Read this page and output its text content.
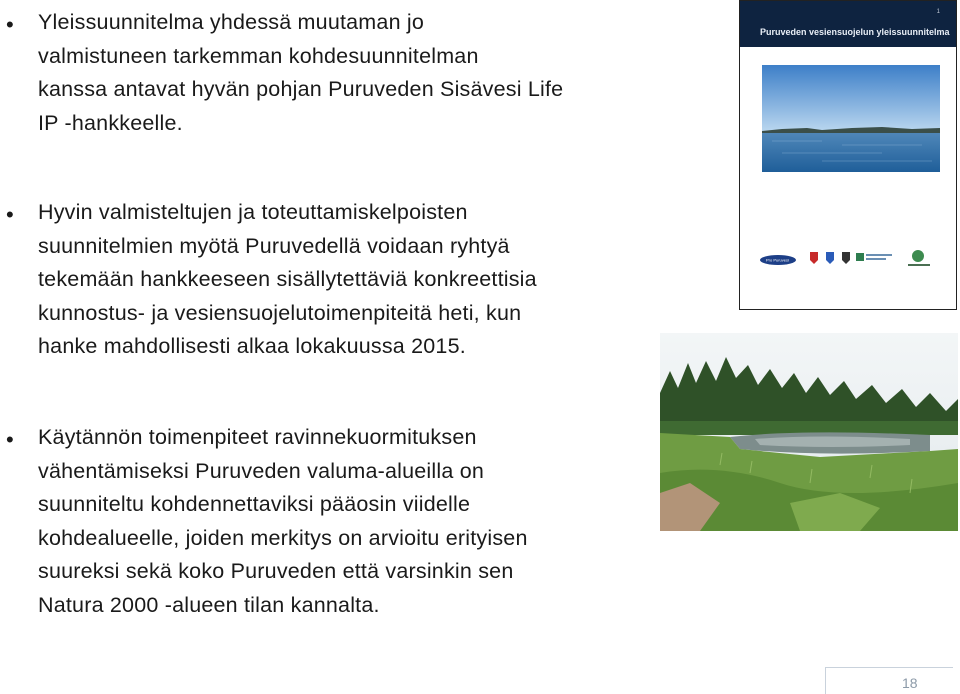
• Yleissuunnitelma yhdessä muutaman jo
valmistuneen tarkemman kohdesuunnitelman
kanssa antavat hyvän pohjan Puruveden Sisävesi Life
IP -hankkeelle.
• Hyvin valmisteltujen ja toteuttamiskelpoisten
suunnitelmien myötä Puruvedellä voidaan ryhtyä
tekemään hankkeeseen sisällytettäviä konkreettisia
kunnostus- ja vesiensuojelutoimenpiteitä heti, kun
hanke mahdollisesti alkaa lokakuussa 2015.
• Käytännön toimenpiteet ravinnekuormituksen
vähentämiseksi Puruveden valuma-alueilla on
suunniteltu kohdennettaviksi pääosin viidelle
kohdealueelle, joiden merkitys on arvioitu erityisen
suureksi sekä koko Puruveden että varsinkin sen
Natura 2000 -alueen tilan kannalta.
1
Puruveden vesiensuojelun yleissuunnitelma
Pro Puruvesi
18
